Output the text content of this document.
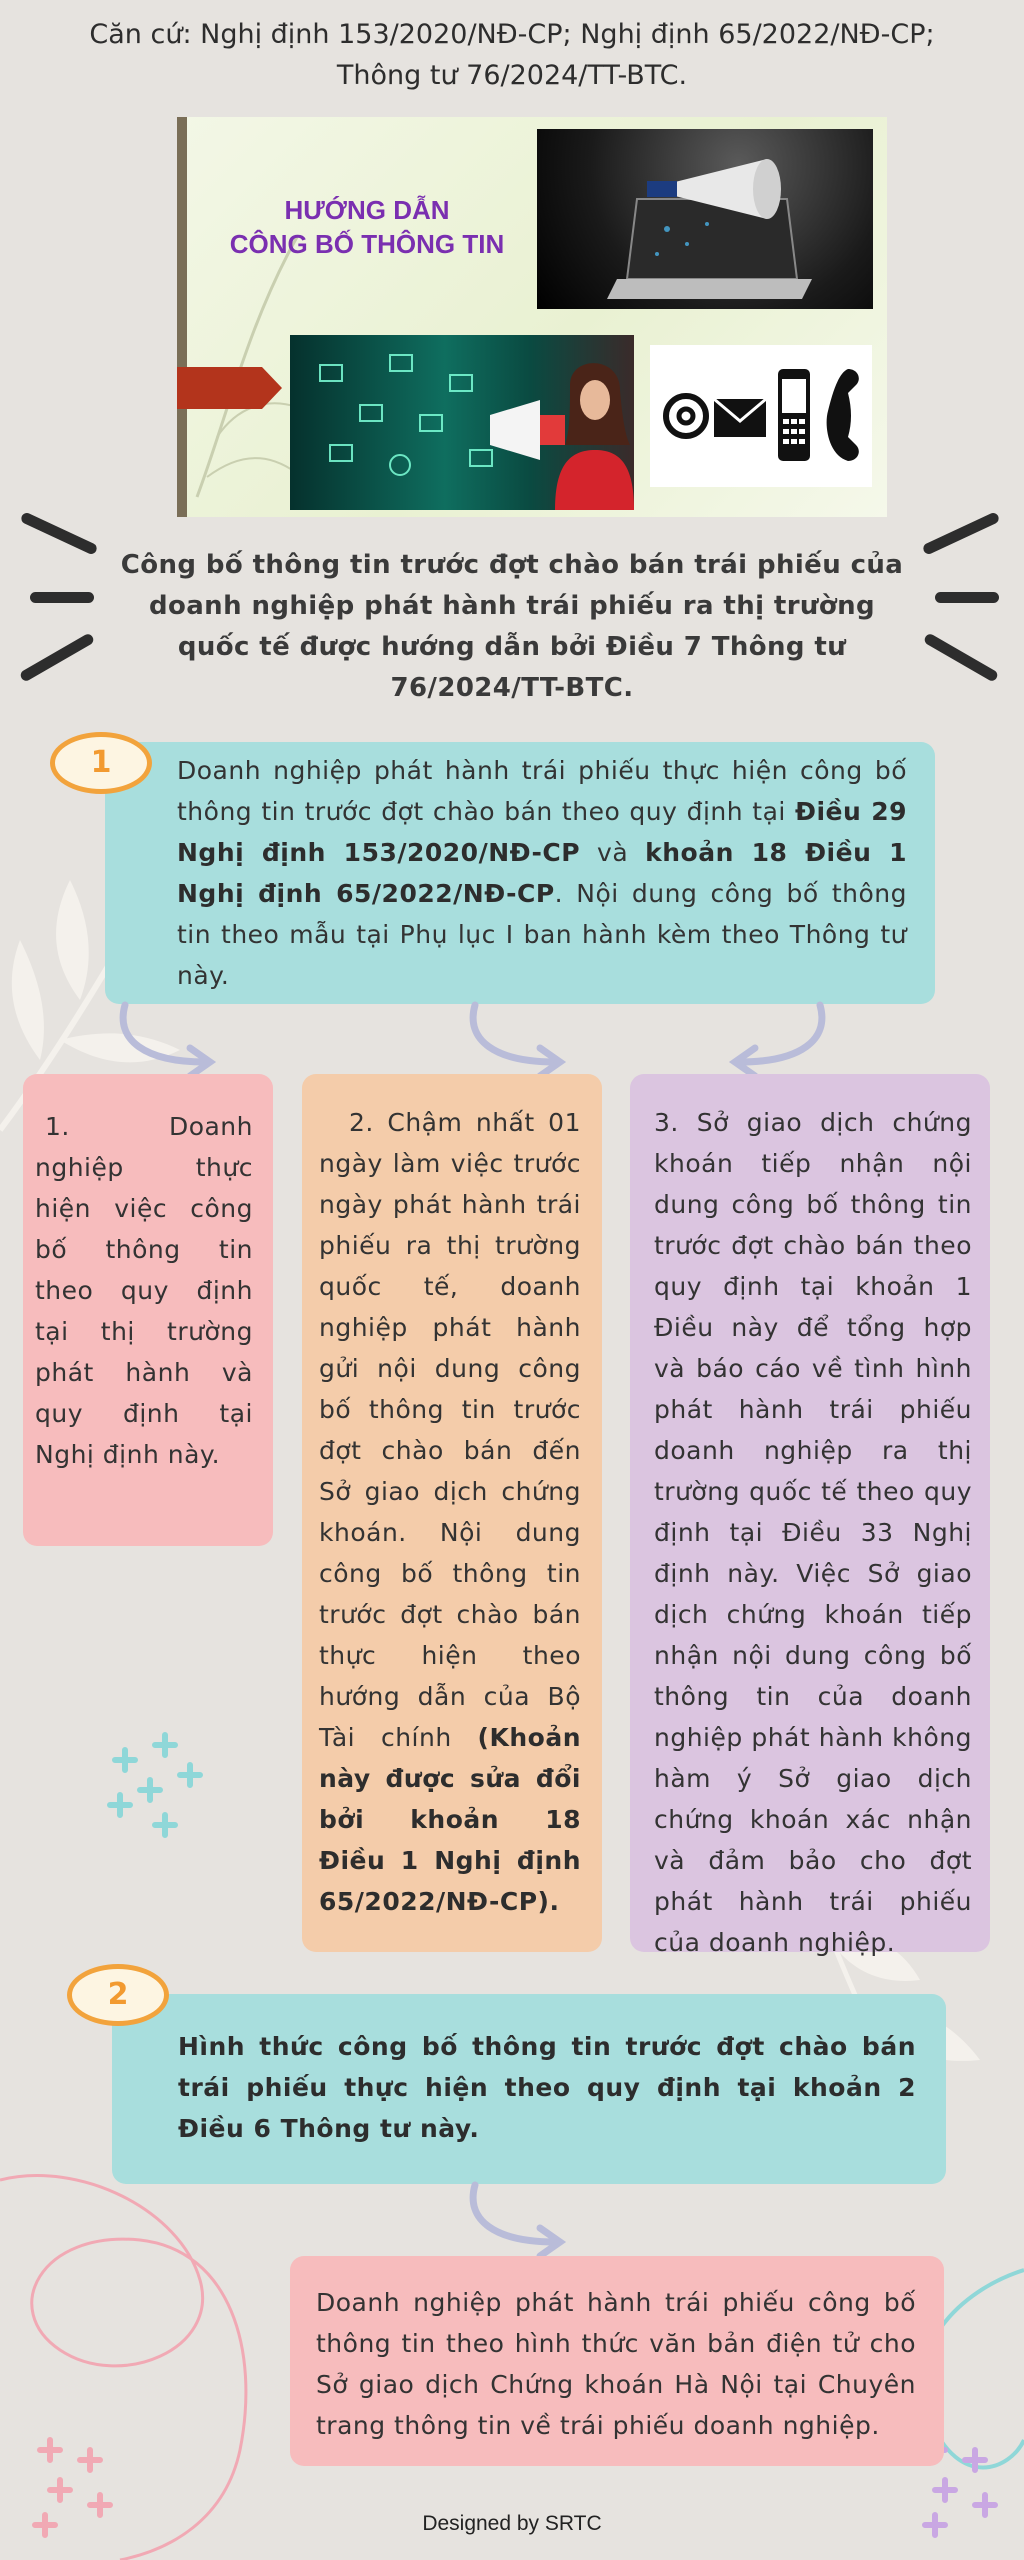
Căn cứ: Nghị định 153/2020/NĐ-CP; Nghị định 65/2022/NĐ-CP;
Thông tư 76/2024/TT-BTC.
HƯỚNG DẪN
CÔNG BỐ THÔNG TIN
Công bố thông tin trước đợt chào bán trái phiếu của
doanh nghiệp phát hành trái phiếu ra thị trường
quốc tế được hướng dẫn bởi Điều 7 Thông tư
76/2024/TT-BTC.
Doanh nghiệp phát hành trái phiếu thực hiện công bố thông tin trước đợt chào bán theo quy định tại Điều 29 Nghị định 153/2020/NĐ-CP và khoản 18 Điều 1 Nghị định 65/2022/NĐ-CP. Nội dung công bố thông tin theo mẫu tại Phụ lục I ban hành kèm theo Thông tư này.
1
1. Doanh nghiệp thực hiện việc công bố thông tin theo quy định tại thị trường phát hành và quy định tại Nghị định này.
2. Chậm nhất 01 ngày làm việc trước ngày phát hành trái phiếu ra thị trường quốc tế, doanh nghiệp phát hành gửi nội dung công bố thông tin trước đợt chào bán đến Sở giao dịch chứng khoán. Nội dung công bố thông tin trước đợt chào bán thực hiện theo hướng dẫn của Bộ Tài chính (Khoản này được sửa đổi bởi khoản 18 Điều 1 Nghị định 65/2022/NĐ-CP).
3. Sở giao dịch chứng khoán tiếp nhận nội dung công bố thông tin trước đợt chào bán theo quy định tại khoản 1 Điều này để tổng hợp và báo cáo về tình hình phát hành trái phiếu doanh nghiệp ra thị trường quốc tế theo quy định tại Điều 33 Nghị định này. Việc Sở giao dịch chứng khoán tiếp nhận nội dung công bố thông tin của doanh nghiệp phát hành không hàm ý Sở giao dịch chứng khoán xác nhận và đảm bảo cho đợt phát hành trái phiếu của doanh nghiệp.
Hình thức công bố thông tin trước đợt chào bán trái phiếu thực hiện theo quy định tại khoản 2 Điều 6 Thông tư này.
2
Doanh nghiệp phát hành trái phiếu công bố thông tin theo hình thức văn bản điện tử cho Sở giao dịch Chứng khoán Hà Nội tại Chuyên trang thông tin về trái phiếu doanh nghiệp.
Designed by SRTC
